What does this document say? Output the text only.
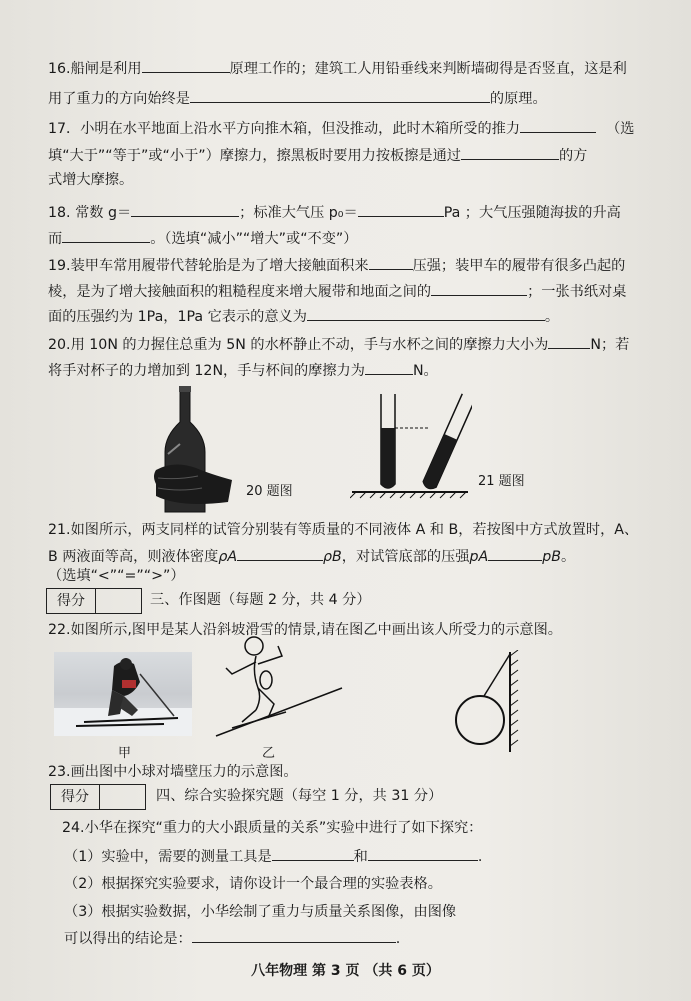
16.船闸是利用	原理工作的；建筑工人用铅垂线来判断墙砌得是否竖直，这是利
用了重力的方向始终是	的原理。
17．小明在水平地面上沿水平方向推木箱，但没推动，此时木箱所受的推力	（选
填“大于”“等于”或“小于”）摩擦力，擦黑板时要用力按板擦是通过	的方
式增大摩擦。
18. 常数 g＝	；标准大气压 p₀＝	Pa ；大气压强随海拔的升高
而	。（选填“减小”“增大”或“不变”）
19.装甲车常用履带代替轮胎是为了增大接触面积来	压强；装甲车的履带有很多凸起的
棱，是为了增大接触面积的粗糙程度来增大履带和地面之间的	；一张书纸对桌
面的压强约为 1Pa，1Pa 它表示的意义为	。
20.用 10N 的力握住总重为 5N 的水杯静止不动，手与水杯之间的摩擦力大小为	N；若
将手对杯子的力增加到 12N，手与杯间的摩擦力为	N。
20 题图
21 题图
21.如图所示，两支同样的试管分别装有等质量的不同液体 A 和 B，若按图中方式放置时，A、
B 两液面等高，则液体密度ρA	ρB，对试管底部的压强pA	pB。
（选填“<”“=”“>”）
得分	三、作图题（每题 2 分，共 4 分）
22.如图所示,图甲是某人沿斜坡滑雪的情景,请在图乙中画出该人所受力的示意图。
甲	乙
23.画出图中小球对墙壁压力的示意图。
得分	四、综合实验探究题（每空 1 分，共 31 分）
24.小华在探究“重力的大小跟质量的关系”实验中进行了如下探究：
（1）实验中，需要的测量工具是	和	.
（2）根据探究实验要求，请你设计一个最合理的实验表格。
（3）根据实验数据，小华绘制了重力与质量关系图像，由图像
可以得出的结论是：	.
八年物理 第 3 页 （共 6 页）
